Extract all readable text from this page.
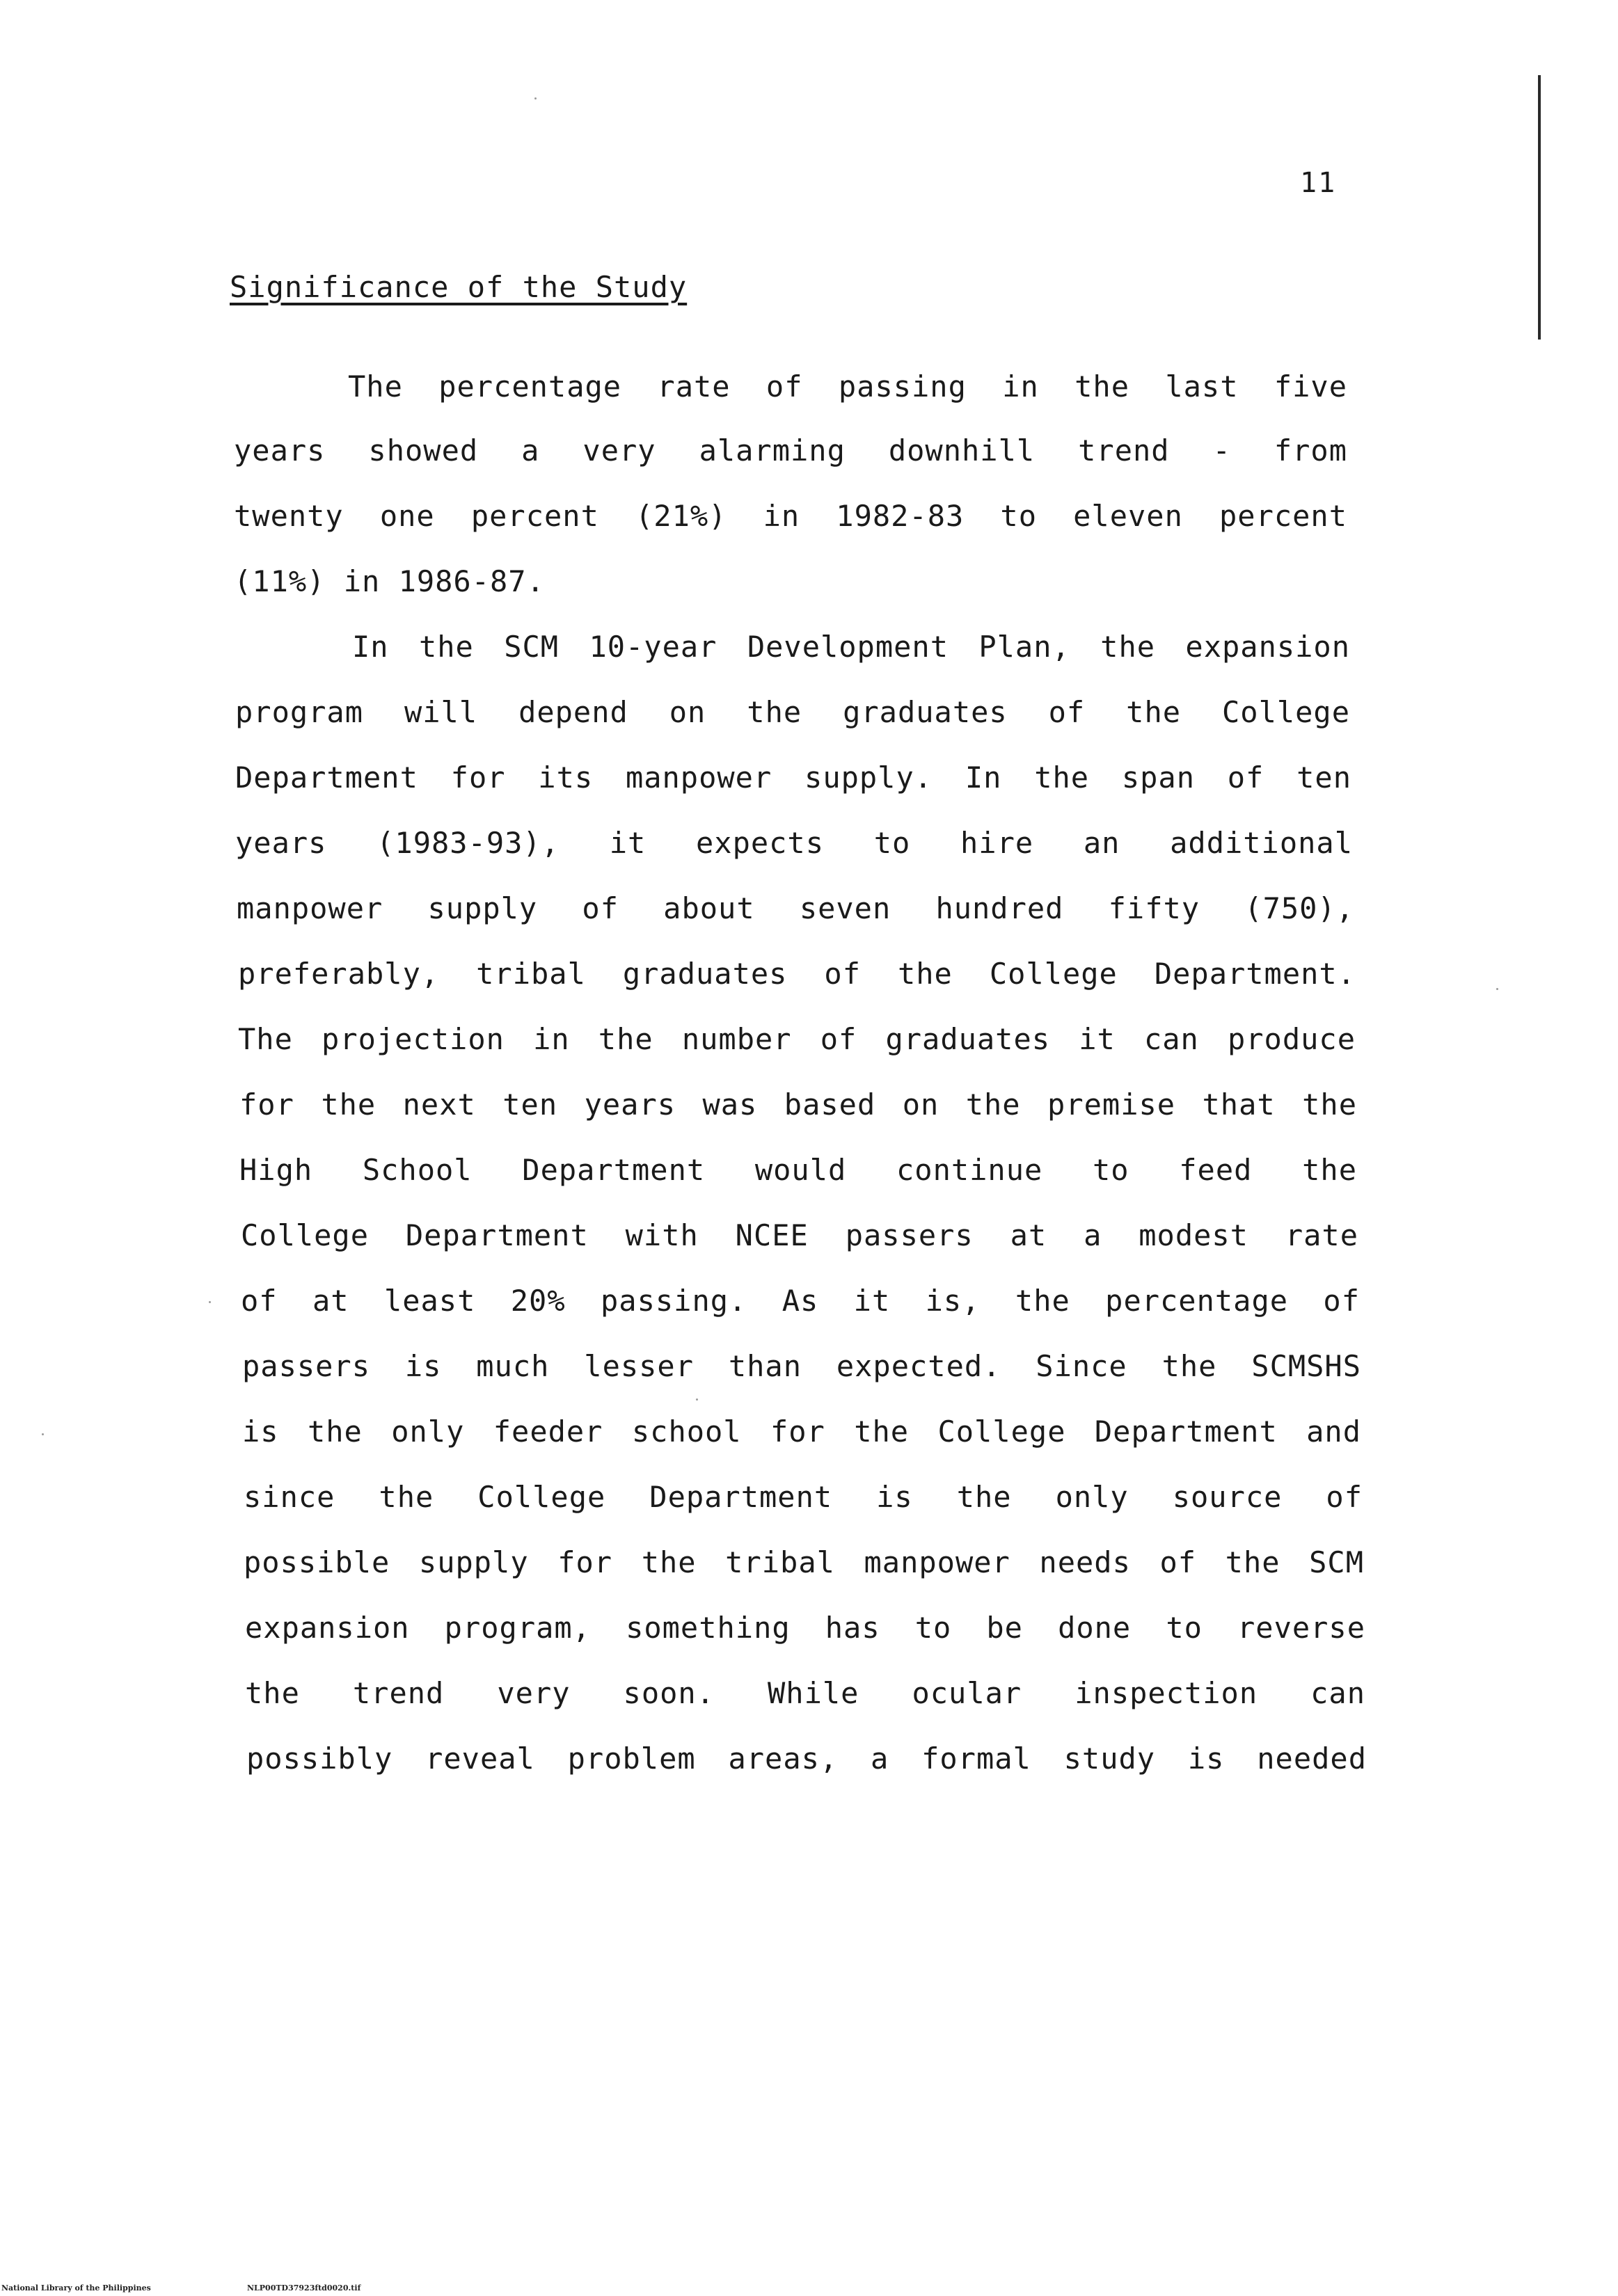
11
Significance of the Study
The percentage rate of passing in the last five
years showed a very alarming downhill trend - from
twenty one percent (21%) in 1982-83 to eleven percent
(11%) in 1986-87.
In the SCM 10-year Development Plan, the expansion
program will depend on the graduates of the College
Department for its manpower supply. In the span of ten
years (1983-93), it expects to hire an additional
manpower supply of about seven hundred fifty (750),
preferably, tribal graduates of the College Department.
The projection in the number of graduates it can produce
for the next ten years was based on the premise that the
High School Department would continue to feed the
College Department with NCEE passers at a modest rate
of at least 20% passing. As it is, the percentage of
passers is much lesser than expected. Since the SCMSHS
is the only feeder school for the College Department and
since the College Department is the only source of
possible supply for the tribal manpower needs of the SCM
expansion program, something has to be done to reverse
the trend very soon. While ocular inspection can
possibly reveal problem areas, a formal study is needed
National Library of the Philippines	NLP00TD37923ftd0020.tif
